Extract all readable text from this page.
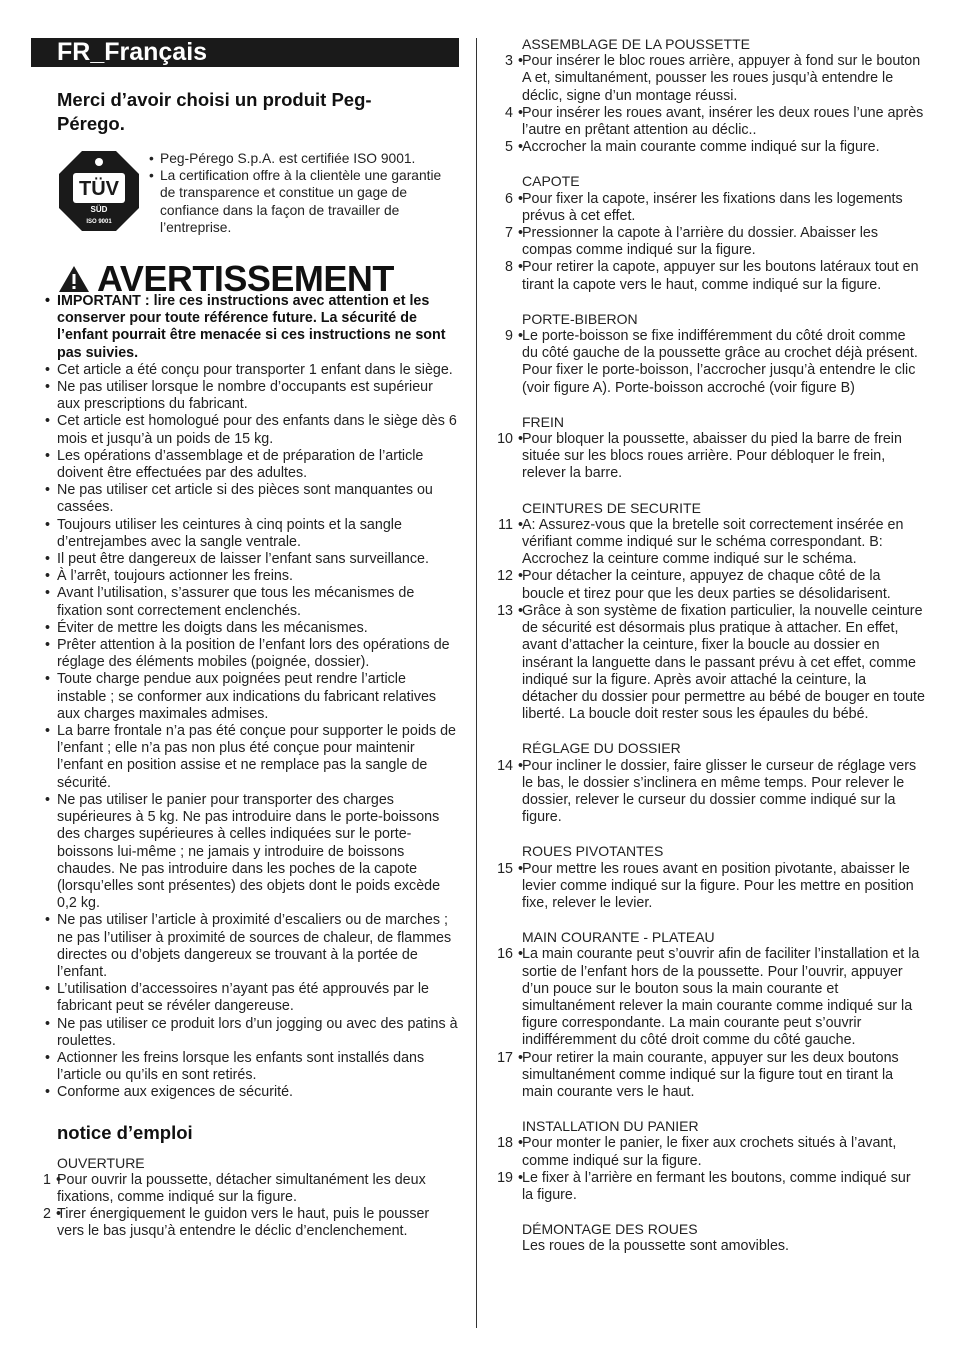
FR_Français
Merci d’avoir choisi un produit Peg-Pérego.
TÜV
SÜD
ISO 9001
• Peg-Pérego S.p.A. est certifiée ISO 9001.
• La certification offre à la clientèle une garantie de transparence et constitue un gage de confiance dans la façon de travailler de l’entreprise.
AVERTISSEMENT
• IMPORTANT : lire ces instructions avec attention et les conserver pour toute référence future. La sécurité de l’enfant pourrait être menacée si ces instructions ne sont pas suivies.
• Cet article a été conçu pour transporter 1 enfant dans le siège.
• Ne pas utiliser lorsque le nombre d’occupants est supérieur aux prescriptions du fabricant.
• Cet article est homologué pour des enfants dans le siège dès 6 mois et jusqu’à un poids de 15 kg.
• Les opérations d’assemblage et de préparation de l’article doivent être effectuées par des adultes.
• Ne pas utiliser cet article si des pièces sont manquantes ou cassées.
• Toujours utiliser les ceintures à cinq points et la sangle d’entrejambes avec la sangle ventrale.
• Il peut être dangereux de laisser l’enfant sans surveillance.
• À l’arrêt, toujours actionner les freins.
• Avant l’utilisation, s’assurer que tous les mécanismes de fixation sont correctement enclenchés.
• Éviter de mettre les doigts dans les mécanismes.
• Prêter attention à la position de l’enfant lors des opérations de réglage des éléments mobiles (poignée, dossier).
• Toute charge pendue aux poignées peut rendre l’article instable ; se conformer aux indications du fabricant relatives aux charges maximales admises.
• La barre frontale n’a pas été conçue pour supporter le poids de l’enfant ; elle n’a pas non plus été conçue pour maintenir l’enfant en position assise et ne remplace pas la sangle de sécurité.
• Ne pas utiliser le panier pour transporter des charges supérieures à 5 kg. Ne pas introduire dans le porte-boissons des charges supérieures à celles indiquées sur le porte-boissons lui-même ; ne jamais y introduire de boissons chaudes. Ne pas introduire dans les poches de la capote (lorsqu’elles sont présentes) des objets dont le poids excède 0,2 kg.
• Ne pas utiliser l’article à proximité d’escaliers ou de marches ; ne pas l’utiliser à proximité de sources de chaleur, de flammes directes ou d’objets dangereux se trouvant à la portée de l’enfant.
• L’utilisation d’accessoires n’ayant pas été approuvés par le fabricant peut se révéler dangereuse.
• Ne pas utiliser ce produit lors d’un jogging ou avec des patins à roulettes.
• Actionner les freins lorsque les enfants sont installés dans l’article ou qu’ils en sont retirés.
• Conforme aux exigences de sécurité.
notice d’emploi
OUVERTURE
1 • Pour ouvrir la poussette, détacher simultanément les deux fixations, comme indiqué sur la figure.
2 • Tirer énergiquement le guidon vers le haut, puis le pousser vers le bas jusqu’à entendre le déclic d’enclenchement.
ASSEMBLAGE DE LA POUSSETTE
3 • Pour insérer le bloc roues arrière, appuyer à fond sur le bouton A et, simultanément, pousser les roues jusqu’à entendre le déclic, signe d’un montage réussi.
4 • Pour insérer les roues avant, insérer les deux roues l’une après l’autre en prêtant attention au déclic..
5 • Accrocher la main courante comme indiqué sur la figure.
CAPOTE
6 • Pour fixer la capote, insérer les fixations dans les logements prévus à cet effet.
7 • Pressionner la capote à l’arrière du dossier. Abaisser les compas comme indiqué sur la figure.
8 • Pour retirer la capote, appuyer sur les boutons latéraux tout en tirant la capote vers le haut, comme indiqué sur la figure.
PORTE-BIBERON
9 • Le porte-boisson se fixe indifféremment du côté droit comme du côté gauche de la poussette grâce au crochet déjà présent. Pour fixer le porte-boisson, l’accrocher jusqu’à entendre le clic (voir figure A). Porte-boisson accroché (voir figure B)
FREIN
10 • Pour bloquer la poussette, abaisser du pied la barre de frein située sur les blocs roues arrière. Pour débloquer le frein, relever la barre.
CEINTURES DE SECURITE
11 • A: Assurez-vous que la bretelle soit correctement insérée en vérifiant comme indiqué sur le schéma correspondant. B: Accrochez la ceinture comme indiqué sur le schéma.
12 • Pour détacher la ceinture, appuyez de chaque côté de la boucle et tirez pour que les deux parties se désolidarisent.
13 • Grâce à son système de fixation particulier, la nouvelle ceinture de sécurité est désormais plus pratique à attacher. En effet, avant d’attacher la ceinture, fixer la boucle au dossier en insérant la languette dans le passant prévu à cet effet, comme indiqué sur la figure. Après avoir attaché la ceinture, la détacher du dossier pour permettre au bébé de bouger en toute liberté. La boucle doit rester sous les épaules du bébé.
RÉGLAGE DU DOSSIER
14 • Pour incliner le dossier, faire glisser le curseur de réglage vers le bas, le dossier s’inclinera en même temps. Pour relever le dossier, relever le curseur du dossier comme indiqué sur la figure.
ROUES PIVOTANTES
15 • Pour mettre les roues avant en position pivotante, abaisser le levier comme indiqué sur la figure. Pour les mettre en position fixe, relever le levier.
MAIN COURANTE - PLATEAU
16 • La main courante peut s’ouvrir afin de faciliter l’installation et la sortie de l’enfant hors de la poussette. Pour l’ouvrir, appuyer d’un pouce sur le bouton sous la main courante et simultanément relever la main courante comme indiqué sur la figure correspondante. La main courante peut s’ouvrir indifféremment du côté droit comme du côté gauche.
17 • Pour retirer la main courante, appuyer sur les deux boutons simultanément comme indiqué sur la figure tout en tirant la main courante vers le haut.
INSTALLATION DU PANIER
18 • Pour monter le panier, le fixer aux crochets situés à l’avant, comme indiqué sur la figure.
19 • Le fixer à l’arrière en fermant les boutons, comme indiqué sur la figure.
DÉMONTAGE DES ROUES
Les roues de la poussette sont amovibles.
